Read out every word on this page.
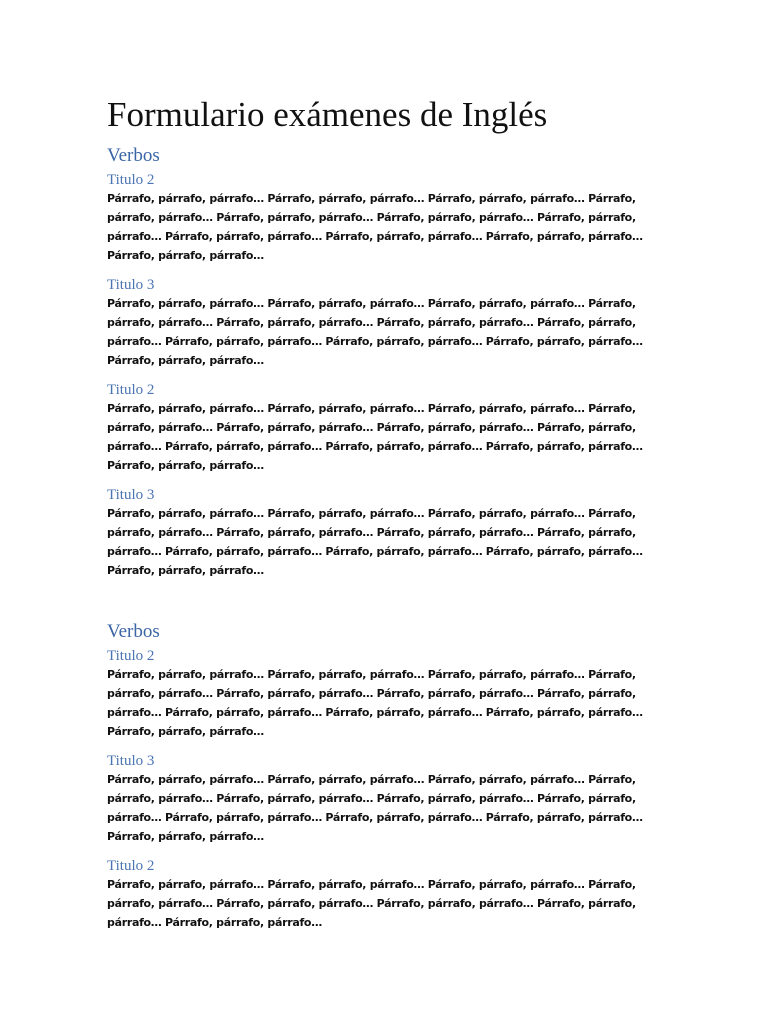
Formulario exámenes de Inglés
Verbos
Titulo 2

Párrafo, párrafo, párrafo… Párrafo, párrafo, párrafo… Párrafo, párrafo, párrafo… Párrafo, párrafo, párrafo… Párrafo, párrafo, párrafo… Párrafo, párrafo, párrafo… Párrafo, párrafo, párrafo… Párrafo, párrafo, párrafo… Párrafo, párrafo, párrafo… Párrafo, párrafo, párrafo… Párrafo, párrafo, párrafo…

Titulo 3

Párrafo, párrafo, párrafo… Párrafo, párrafo, párrafo… Párrafo, párrafo, párrafo… Párrafo, párrafo, párrafo… Párrafo, párrafo, párrafo… Párrafo, párrafo, párrafo… Párrafo, párrafo, párrafo… Párrafo, párrafo, párrafo… Párrafo, párrafo, párrafo… Párrafo, párrafo, párrafo… Párrafo, párrafo, párrafo…

Titulo 2

Párrafo, párrafo, párrafo… Párrafo, párrafo, párrafo… Párrafo, párrafo, párrafo… Párrafo, párrafo, párrafo… Párrafo, párrafo, párrafo… Párrafo, párrafo, párrafo… Párrafo, párrafo, párrafo… Párrafo, párrafo, párrafo… Párrafo, párrafo, párrafo… Párrafo, párrafo, párrafo… Párrafo, párrafo, párrafo…

Titulo 3

Párrafo, párrafo, párrafo… Párrafo, párrafo, párrafo… Párrafo, párrafo, párrafo… Párrafo, párrafo, párrafo… Párrafo, párrafo, párrafo… Párrafo, párrafo, párrafo… Párrafo, párrafo, párrafo… Párrafo, párrafo, párrafo… Párrafo, párrafo, párrafo… Párrafo, párrafo, párrafo… Párrafo, párrafo, párrafo…

Verbos
Titulo 2

Párrafo, párrafo, párrafo… Párrafo, párrafo, párrafo… Párrafo, párrafo, párrafo… Párrafo, párrafo, párrafo… Párrafo, párrafo, párrafo… Párrafo, párrafo, párrafo… Párrafo, párrafo, párrafo… Párrafo, párrafo, párrafo… Párrafo, párrafo, párrafo… Párrafo, párrafo, párrafo… Párrafo, párrafo, párrafo…

Titulo 3

Párrafo, párrafo, párrafo… Párrafo, párrafo, párrafo… Párrafo, párrafo, párrafo… Párrafo, párrafo, párrafo… Párrafo, párrafo, párrafo… Párrafo, párrafo, párrafo… Párrafo, párrafo, párrafo… Párrafo, párrafo, párrafo… Párrafo, párrafo, párrafo… Párrafo, párrafo, párrafo… Párrafo, párrafo, párrafo…

Titulo 2

Párrafo, párrafo, párrafo… Párrafo, párrafo, párrafo… Párrafo, párrafo, párrafo… Párrafo, párrafo, párrafo… Párrafo, párrafo, párrafo… Párrafo, párrafo, párrafo… Párrafo, párrafo, párrafo… Párrafo, párrafo, párrafo…
